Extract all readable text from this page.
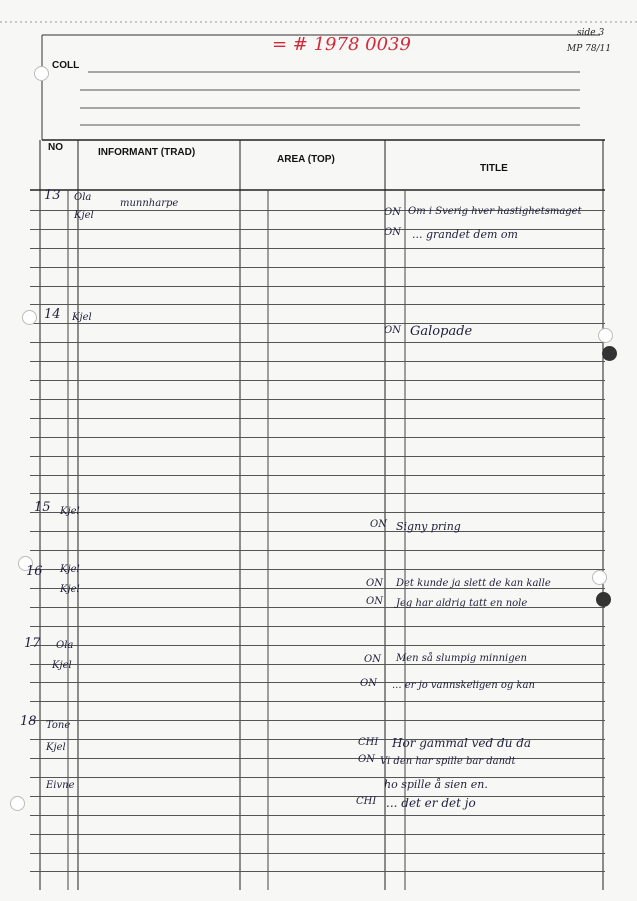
= # 1978 0039
side 3
MP 78/11
COLL
NO	INFORMANT (TRAD)
AREA (TOP)
TITLE
13 Ola
Kjel
munnharpe
ON Om i Sverig hver hastighetsmaget
ON ... grandet dem om
14 Kjel
ON Galopade
15 Kjel
ON Signy pring
16 Kjel
Kjel
ON Det kunde ja slett de kan kalle
ON Jeg har aldrig tatt en nole
17 Ola
Kjel
ON Men så slumpig minnigen
ON ... er jo vannskeligen og kan
18 Tone
Kjel
Eivne
CHI Hor gammal ved du da
ON Vi den har spille bar dandt
ho spille å sien en.
CHI ... det er det jo
